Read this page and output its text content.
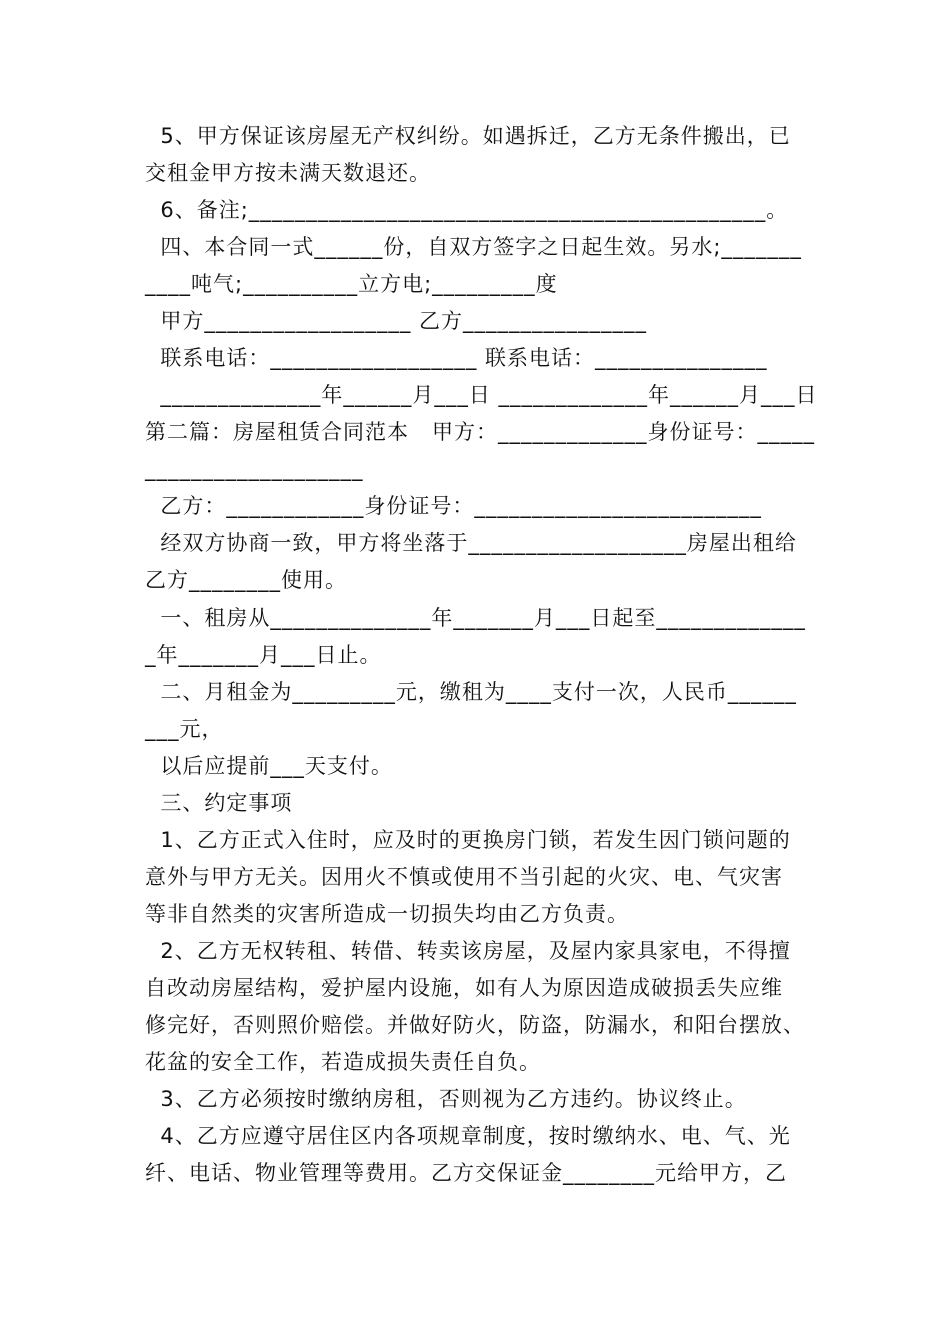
5、甲方保证该房屋无产权纠纷。如遇拆迁，乙方无条件搬出，已
交租金甲方按未满天数退还。
6、备注;_____________________________________________。
四、本合同一式______份，自双方签字之日起生效。另水;_______
____吨气;__________立方电;_________度
甲方__________________ 乙方________________
联系电话：__________________ 联系电话：_______________
______________年______月___日 _____________年______月___日
第二篇：房屋租赁合同范本   甲方：_____________身份证号：_____
___________________
乙方：____________身份证号：_________________________
经双方协商一致，甲方将坐落于___________________房屋出租给
乙方________使用。
一、租房从______________年_______月___日起至_____________
_年_______月___日止。
二、月租金为_________元，缴租为____支付一次，人民币______
___元，
以后应提前___天支付。
三、约定事项
1、乙方正式入住时，应及时的更换房门锁，若发生因门锁问题的
意外与甲方无关。因用火不慎或使用不当引起的火灾、电、气灾害
等非自然类的灾害所造成一切损失均由乙方负责。
2、乙方无权转租、转借、转卖该房屋，及屋内家具家电，不得擅
自改动房屋结构，爱护屋内设施，如有人为原因造成破损丢失应维
修完好，否则照价赔偿。并做好防火，防盗，防漏水，和阳台摆放、
花盆的安全工作，若造成损失责任自负。
3、乙方必须按时缴纳房租，否则视为乙方违约。协议终止。
4、乙方应遵守居住区内各项规章制度，按时缴纳水、电、气、光
纤、电话、物业管理等费用。乙方交保证金________元给甲方，乙
